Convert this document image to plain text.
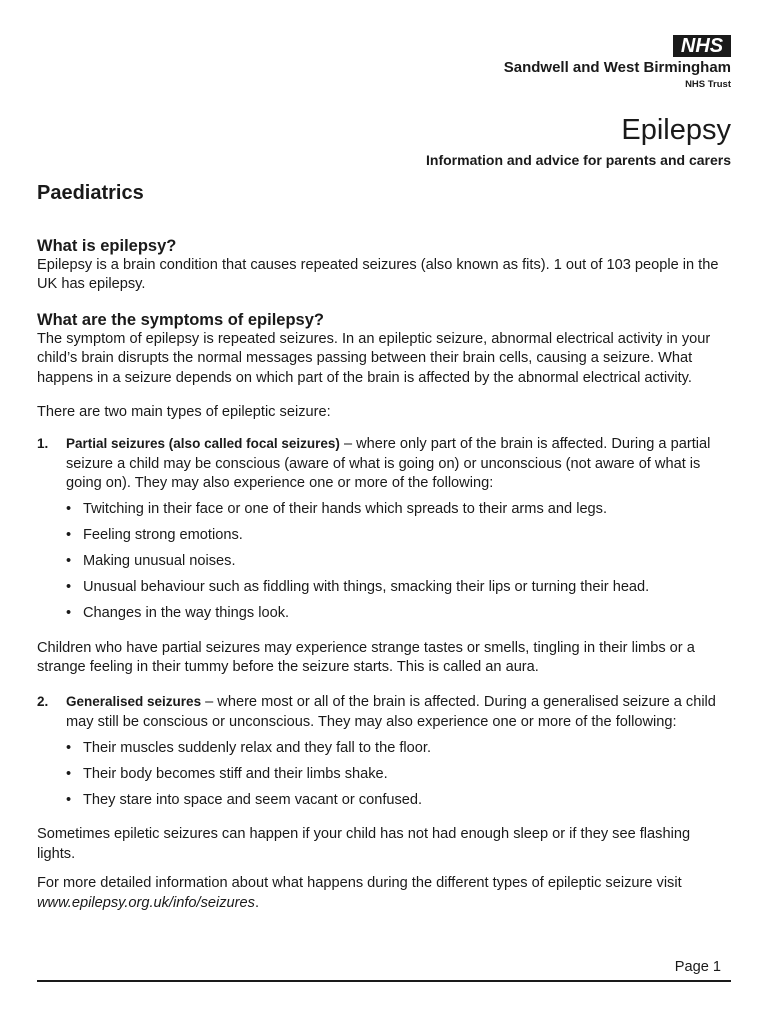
NHS
Sandwell and West Birmingham
NHS Trust
Epilepsy
Information and advice for parents and carers
Paediatrics
What is epilepsy?

Epilepsy is a brain condition that causes repeated seizures (also known as fits). 1 out of 103 people in the UK has epilepsy.

What are the symptoms of epilepsy?

The symptom of epilepsy is repeated seizures. In an epileptic seizure, abnormal electrical activity in your child’s brain disrupts the normal messages passing between their brain cells, causing a seizure. What happens in a seizure depends on which part of the brain is affected by the abnormal electrical activity.

There are two main types of epileptic seizure:

1. Partial seizures (also called focal seizures) – where only part of the brain is affected. During a partial seizure a child may be conscious (aware of what is going on) or unconscious (not aware of what is going on). They may also experience one or more of the following:

• Twitching in their face or one of their hands which spreads to their arms and legs.
• Feeling strong emotions.
• Making unusual noises.
• Unusual behaviour such as fiddling with things, smacking their lips or turning their head.
• Changes in the way things look.

Children who have partial seizures may experience strange tastes or smells, tingling in their limbs or a strange feeling in their tummy before the seizure starts. This is called an aura.

2. Generalised seizures – where most or all of the brain is affected. During a generalised seizure a child may still be conscious or unconscious. They may also experience one or more of the following:

• Their muscles suddenly relax and they fall to the floor.
• Their body becomes stiff and their limbs shake.
• They stare into space and seem vacant or confused.

Sometimes epiletic seizures can happen if your child has not had enough sleep or if they see flashing lights.

For more detailed information about what happens during the different types of epileptic seizure visit www.epilepsy.org.uk/info/seizures.

Page 1
